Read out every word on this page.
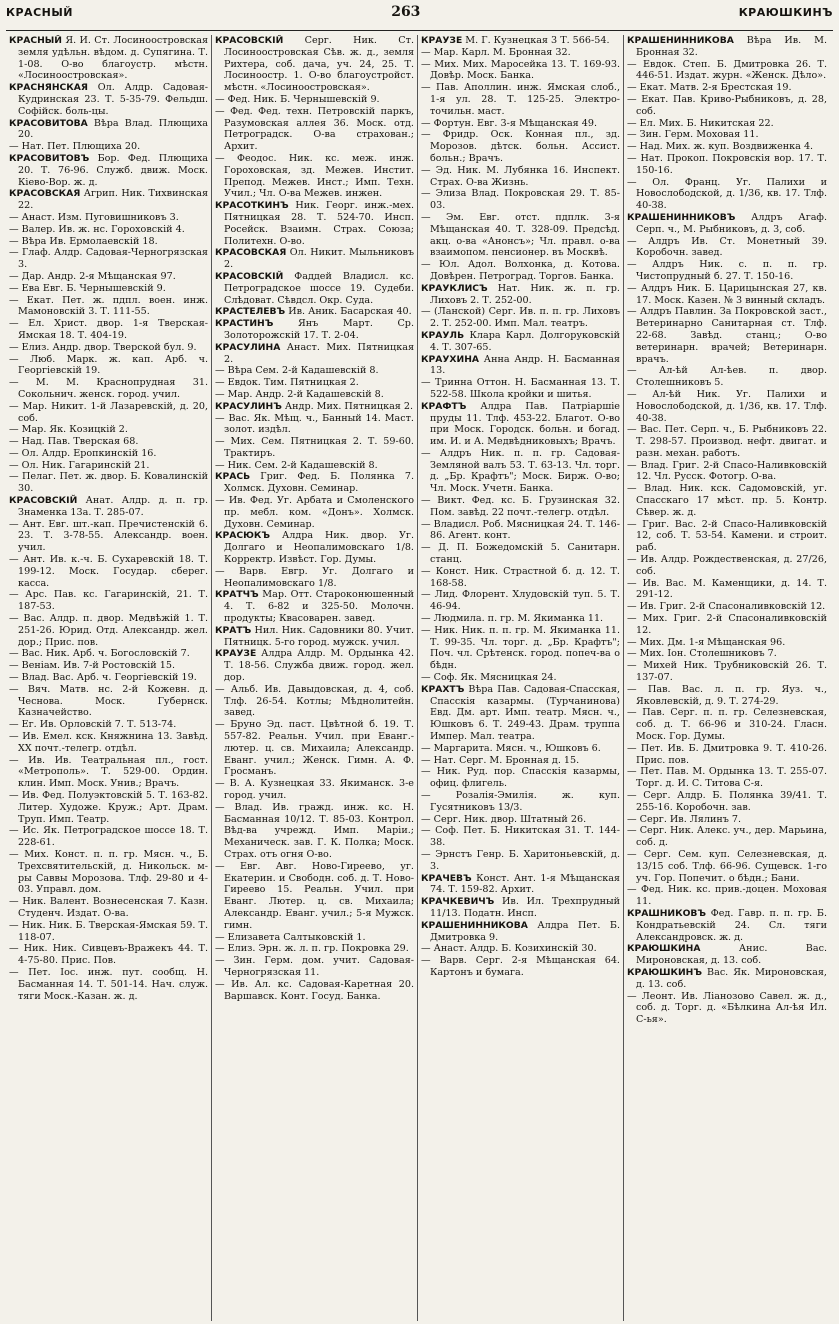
КРАСНЫЙ	263	КРАЮШКИНЪ

КРАСНЫЙ Я. И. Ст. Лосиноостровская земля удѣльн. вѣдом. д. Супягина. Т. 1-08. О-во благоустр. мѣстн. «Лосиноостровская».

КРАСНЯНСКАЯ Ол. Алдр. Садовая-Кудринская 23. Т. 5-35-79. Фельдш. Софійск. боль-цы.

КРАСОВИТОВА Вѣра Влад. Плющиха 20.

— Нат. Пет. Плющиха 20.

КРАСОВИТОВЪ Бор. Фед. Плющиха 20. Т. 76-96. Служб. движ. Моск. Кіево-Вор. ж. д.

КРАСОВСКАЯ Агрип. Ник. Тихвинская 22.

— Анаст. Изм. Пуговишниковъ 3.

— Валер. Ив. ж. нс. Гороховскій 4.

— Вѣра Ив. Ермолаевскій 18.

— Глаф. Алдр. Садовая-Черногрязская 3.

— Дар. Андр. 2-я Мѣщанская 97.

— Ева Евг. Б. Чернышевскій 9.

— Екат. Пет. ж. пдпл. воен. инж. Мамоновскій 3. Т. 111-55.

— Ел. Христ. двор. 1-я Тверская-Ямская 18. Т. 404-19.

— Елиз. Андр. двор. Тверской бул. 9.

— Люб. Марк. ж. кап. Арб. ч. Георгіевскій 19.

— М. М. Краснопрудная 31. Сокольнич. женск. город. учил.

— Мар. Никит. 1-й Лазаревскій, д. 20, соб.

— Мар. Як. Козицкій 2.

— Над. Пав. Тверская 68.

— Ол. Алдр. Еропкинскій 16.

— Ол. Ник. Гагаринскій 21.

— Пелаг. Пет. ж. двор. Б. Ковалинскій 30.

КРАСОВСКІЙ Анат. Алдр. д. п. гр. Знаменка 13а. Т. 285-07.

— Ант. Евг. шт.-кап. Пречистенскій 6. 23. Т. 3-78-55. Александр. воен. учил.

— Ант. Ив. к.-ч. Б. Сухаревскій 18. Т. 199-12. Моск. Государ. сберег. касса.

— Арс. Пав. кс. Гагаринскій, 21. Т. 187-53.

— Вас. Алдр. п. двор. Медвѣжій 1. Т. 251-26. Юрид. Отд. Александр. жел. дор.; Прис. пов.

— Вас. Ник. Арб. ч. Богословскій 7.

— Веніам. Ив. 7-й Ростовскій 15.

— Влад. Вас. Арб. ч. Георгіевскій 19.

— Вяч. Матв. нс. 2-й Кожевн. д. Чеснова. Моск. Губернск. Казначейство.

— Ег. Ив. Орловскій 7. Т. 513-74.

— Ив. Емел. кск. Княжнина 13. Завѣд. XX почт.-телегр. отдѣл.

— Ив. Ив. Театральная пл., гост. «Метрополь». Т. 529-00. Ордин. клин. Имп. Моск. Унив.; Врачъ.

— Ив. Фед. Полуэктовскій 5. Т. 163-82. Литер. Художе. Круж.; Арт. Драм. Труп. Имп. Театр.

— Ис. Як. Петроградское шоссе 18. Т. 228-61.

— Мих. Конст. п. п. гр. Мясн. ч., Б. Трехсвятительскій, д. Никольск. м-ры Саввы Морозова. Тлф. 29-80 и 4-03. Управл. дом.

— Ник. Валент. Вознесенская 7. Казн. Студенч. Издат. О-ва.

— Ник. Ник. Б. Тверская-Ямская 59. Т. 118-07.

— Ник. Ник. Сивцевъ-Вражекъ 44. Т. 4-75-80. Прис. Пов.

— Пет. Іос. инж. пут. сообщ. Н. Басманная 14. Т. 501-14. Нач. служ. тяги Моск.-Казан. ж. д.

КРАСОВСКІЙ Серг. Ник. Ст. Лосиноостровская Сѣв. ж. д., земля Рихтера, соб. дача, уч. 24, 25. Т. Лосиноостр. 1. О-во благоустройст. мѣстн. «Лосиноостровская».

— Фед. Ник. Б. Чернышевскій 9.

— Фед. Фед. техн. Петровскій паркъ, Разумовская аллея 36. Моск. отд. Петроградск. О-ва страхован.; Архит.

— Феодос. Ник. кс. меж. инж. Гороховская, зд. Межев. Инстит. Препод. Межев. Инст.; Имп. Техн. Учил.; Чл. О-ва Межев. инжен.

КРАСОТКИНЪ Ник. Георг. инж.-мех. Пятницкая 28. Т. 524-70. Инсп. Росейск. Взаимн. Страх. Союза; Политехн. О-во.

КРАСОВСКАЯ Ол. Никит. Мыльниковъ 2.

КРАСОВСКІЙ Фаддей Владисл. кс. Петроградское шоссе 19. Судеби. Слѣдоват. Сѣвдсл. Окр. Суда.

КРАСТЕЛЕВЪ Ив. Аник. Басарская 40.

КРАСТИНЪ Янъ Март. Ср. Золоторожскій 17. Т. 2-04.

КРАСУЛИНА Анаст. Мих. Пятницкая 2.

— Вѣра Сем. 2-й Кадашевскій 8.

— Евдок. Тим. Пятницкая 2.

— Мар. Андр. 2-й Кадашевскій 8.

КРАСУЛИНЪ Андр. Мих. Пятницкая 2.

— Вас. Як. Мѣщ. ч., Банный 14. Маст. золот. издѣл.

— Мих. Сем. Пятницкая 2. Т. 59-60. Трактиръ.

— Ник. Сем. 2-й Кадашевскій 8.

КРАСЬ Григ. Фед. Б. Полянка 7. Холмск. Духовн. Семинар.

— Ив. Фед. Уг. Арбата и Смоленского пр. мебл. ком. «Донъ». Холмск. Духовн. Семинар.

КРАСЮКЪ Алдра Ник. двор. Уг. Долгаго и Неопалимовскаго 1/8. Корректр. Извѣст. Гор. Думы.

— Варв. Евгр. Уг. Долгаго и Неопалимовскаго 1/8.

КРАТЧЪ Мар. Отт. Староконюшенный 4. Т. 6-82 и 325-50. Молочн. продукты; Квасоварен. завед.

КРАТЪ Нил. Ник. Садовники 80. Учит. Пятницк. 5-го город. мужск. учил.

КРАУЗЕ Алдра Алдр. М. Ордынка 42. Т. 18-56. Служба движ. город. жел. дор.

— Альб. Ив. Давыдовская, д. 4, соб. Тлф. 26-54. Котлы; Мѣднолитейн. завед.

— Бруно Эд. паст. Цвѣтной б. 19. Т. 557-82. Реальн. Учил. при Еванг.-лютер. ц. св. Михаила; Александр. Еванг. учил.; Женск. Гимн. А. Ф. Гросманъ.

— В. А. Кузнецкая 33. Якиманск. 3-е город. учил.

— Влад. Ив. гражд. инж. кс. Н. Басманная 10/12. Т. 85-03. Контрол. Вѣд-ва учрежд. Имп. Маріи.; Механическ. зав. Г. К. Полка; Моск. Страх. отъ огня О-во.

— Евг. Авг. Ново-Гиреево, уг. Екатерин. и Свободн. соб. д. Т. Ново-Гиреево 15. Реальн. Учил. при Еванг. Лютер. ц. св. Михаила; Александр. Еванг. учил.; 5-я Мужск. гимн.

— Елизавета Салтыковскій 1.

— Елиз. Эрн. ж. л. п. гр. Покровка 29.

— Зин. Герм. дом. учит. Садовая-Черногрязская 11.

— Ив. Ал. кс. Садовая-Каретная 20. Варшавск. Конт. Госуд. Банка.

КРАУЗЕ М. Г. Кузнецкая 3 Т. 566-54.

— Мар. Карл. М. Бронная 32.

— Мих. Мих. Маросейка 13. Т. 169-93. Довѣр. Моск. Банка.

— Пав. Аполлин. инж. Ямская слоб., 1-я ул. 28. Т. 125-25. Электро-точильн. маст.

— Фортун. Евг. 3-я Мѣщанская 49.

— Фридр. Оск. Конная пл., зд. Морозов. дѣтск. больн. Ассист. больн.; Врачъ.

— Эд. Ник. М. Лубянка 16. Инспект. Страх. О-ва Жизнь.

— Элиза Влад. Покровская 29. Т. 85-03.

— Эм. Евг. отст. пдплк. 3-я Мѣщанская 40. Т. 328-09. Предсѣд. акц. о-ва «Анонсъ»; Чл. правл. о-ва взаимопом. пенсионер. въ Москвѣ.

— Юл. Адол. Волхонка, д. Котова. Довѣрен. Петроград. Торгов. Банка.

КРАУКЛИСЪ Нат. Ник. ж. п. гр. Лиховъ 2. Т. 252-00.

— (Ланской) Серг. Ив. п. п. гр. Лиховъ 2. Т. 252-00. Имп. Мал. театръ.

КРАУЛЬ Клара Карл. Долгоруковскій 4. Т. 307-65.

КРАУХИНА Анна Андр. Н. Басманная 13.

— Тринна Оттон. Н. Басманная 13. Т. 522-58. Школа кройки и шитья.

КРАФТЪ Алдра Пав. Патріаршіе пруды 11. Тлф. 453-22. Благот. О-во при Моск. Городск. больн. и богад. им. И. и А. Медвѣдниковыхъ; Врачъ.

— Алдръ Ник. п. п. гр. Садовая-Земляной валъ 53. Т. 63-13. Чл. торг. д. „Бр. Крафтъ"; Моск. Бирж. О-во; Чл. Моск. Учетн. Банка.

— Викт. Фед. кс. Б. Грузинская 32. Пом. завѣд. 22 почт.-телегр. отдѣл.

— Владисл. Роб. Мясницкая 24. Т. 146-86. Агент. конт.

— Д. П. Божедомскій 5. Санитарн. станц.

— Конст. Ник. Страстной б. д. 12. Т. 168-58.

— Лид. Флорент. Хлудовскій туп. 5. Т. 46-94.

— Людмила. п. гр. М. Якиманка 11.

— Ник. Ник. п. п. гр. М. Якиманка 11. Т. 99-35. Чл. торг. д. „Бр. Крафтъ"; Поч. чл. Срѣтенск. город. попеч-ва о бѣдн.

— Соф. Як. Мясницкая 24.

КРАХТЪ Вѣра Пав. Садовая-Спасская, Спасскія казармы. (Турчанинова) Евд. Дм. арт. Имп. театр. Мясн. ч., Юшковъ 6. Т. 249-43. Драм. труппа Импер. Мал. театра.

— Маргарита. Мясн. ч., Юшковъ 6.

— Нат. Серг. М. Бронная д. 15.

— Ник. Руд. пор. Спасскія казармы, офиц. флигель.

— Розалія-Эмилія. ж. куп. Гусятниковъ 13/3.

— Серг. Ник. двор. Штатный 26.

— Соф. Пет. Б. Никитская 31. Т. 144-38.

— Эрнстъ Генр. Б. Харитоньевскій, д. 3.

КРАЧЕВЪ Конст. Ант. 1-я Мѣщанская 74. Т. 159-82. Архит.

КРАЧКЕВИЧЪ Ив. Ил. Трехпрудный 11/13. Податн. Инсп.

КРАШЕНИННИКОВА Алдра Пет. Б. Дмитровка 9.

— Анаст. Алдр. Б. Козихинскій 30.

— Варв. Серг. 2-я Мѣщанская 64. Картонъ и бумага.

КРАШЕНИННИКОВА Вѣра Ив. М. Бронная 32.

— Евдок. Степ. Б. Дмитровка 26. Т. 446-51. Издат. журн. «Женск. Дѣло».

— Екат. Матв. 2-я Брестская 19.

— Екат. Пав. Криво-Рыбниковъ, д. 28, соб.

— Ел. Мих. Б. Никитская 22.

— Зин. Герм. Моховая 11.

— Над. Мих. ж. куп. Воздвиженка 4.

— Нат. Прокоп. Покровскія вор. 17. Т. 150-16.

— Ол. Франц. Уг. Палихи и Новослободской, д. 1/36, кв. 17. Тлф. 40-38.

КРАШЕНИННИКОВЪ Алдръ Агаф. Серп. ч., М. Рыбниковъ, д. 3, соб.

— Алдръ Ив. Ст. Монетный 39. Коробочн. завед.

— Алдръ Ник. с. п. п. гр. Чистопрудный б. 27. Т. 150-16.

— Алдръ Ник. Б. Царицынская 27, кв. 17. Моск. Казен. № 3 винный складъ.

— Алдръ Павлин. За Покровской заст., Ветеринарно Санитарная ст. Тлф. 22-68. Завѣд. станц.; О-во ветеринарн. врачей; Ветеринарн. врачъ.

— Ал-ѣй Ал-ѣев. п. двор. Столешниковъ 5.

— Ал-ѣй Ник. Уг. Палихи и Новослободской, д. 1/36, кв. 17. Тлф. 40-38.

— Вас. Пет. Серп. ч., Б. Рыбниковъ 22. Т. 298-57. Производ. нефт. двигат. и разн. механ. работъ.

— Влад. Григ. 2-й Спасо-Наливковскій 12. Чл. Русск. Фотогр. О-ва.

— Влад. Ник. кск. Садомовскій, уг. Спасскаго 17 мѣст. пр. 5. Контр. Сѣвер. ж. д.

— Григ. Вас. 2-й Спасо-Наливковскій 12, соб. Т. 53-54. Камени. и строит. раб.

— Ив. Алдр. Рождественская, д. 27/26, соб.

— Ив. Вас. М. Каменщики, д. 14. Т. 291-12.

— Ив. Григ. 2-й Спасоналивковскій 12.

— Мих. Григ. 2-й Спасоналивковскій 12.

— Мих. Дм. 1-я Мѣщанская 96.

— Мих. Іон. Столешниковъ 7.

— Михей Ник. Трубниковскій 26. Т. 137-07.

— Пав. Вас. л. п. гр. Яуз. ч., Яковлевскій, д. 9. Т. 274-29.

— Пав. Серг. п. п. гр. Селезневская, соб. д. Т. 66-96 и 310-24. Гласн. Моск. Гор. Думы.

— Пет. Ив. Б. Дмитровка 9. Т. 410-26. Прис. пов.

— Пет. Пав. М. Ордынка 13. Т. 255-07. Торг. д. И. С. Титова С-я.

— Серг. Алдр. Б. Полянка 39/41. Т. 255-16. Коробочн. зав.

— Серг. Ив. Лялинъ 7.

— Серг. Ник. Алекс. уч., дер. Марьина, соб. д.

— Серг. Сем. куп. Селезневская, д. 13/15 соб. Тлф. 66-96. Сущевск. 1-го уч. Гор. Попечит. о бѣдн.; Бани.

— Фед. Ник. кс. прив.-доцен. Моховая 11.

КРАШНИКОВЪ Фед. Гавр. п. п. гр. Б. Кондратьевскій 24. Сл. тяги Александровск. ж. д.

КРАЮШКИНА Анис. Вас. Мироновская, д. 13. соб.

КРАЮШКИНЪ Вас. Як. Мироновская, д. 13. соб.

— Леонт. Ив. Ліанозово Савел. ж. д., соб. д. Торг. д. «Бѣлкина Ал-ѣя Ил. С-ья».
